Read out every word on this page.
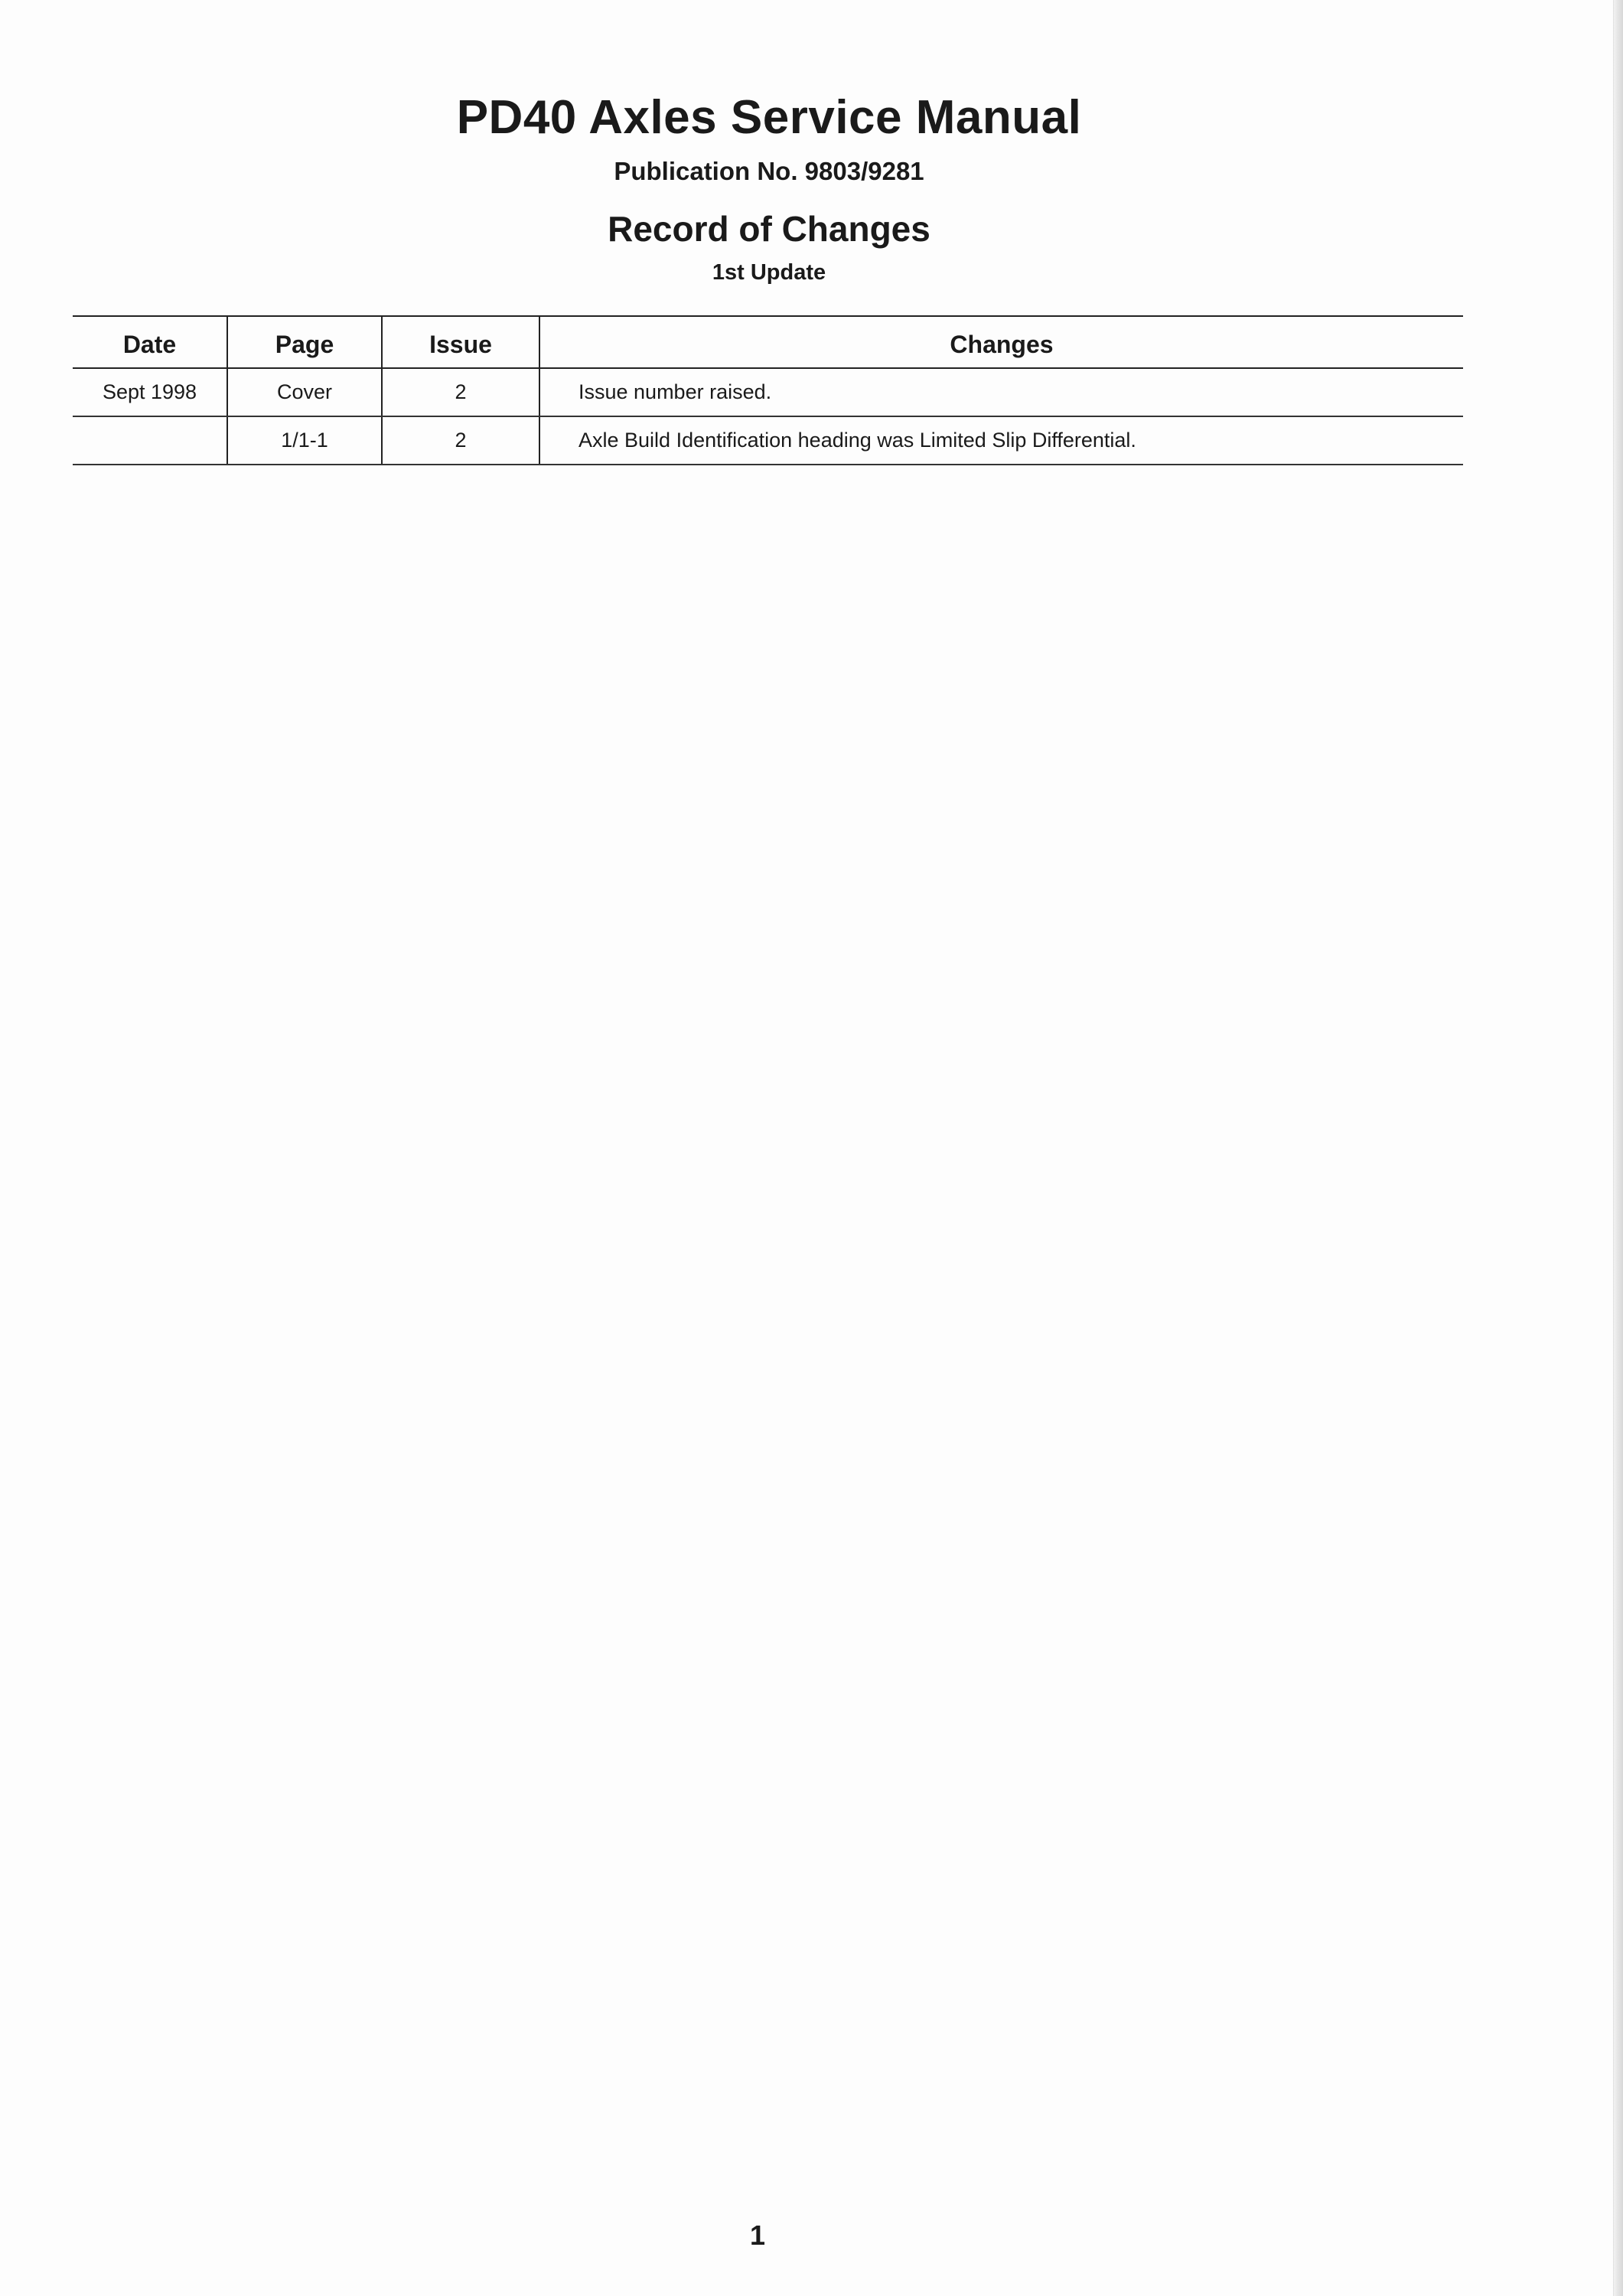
PD40 Axles Service Manual
Publication No. 9803/9281
Record of Changes
1st Update
Date	Page	Issue	Changes
Sept 1998	Cover	2	Issue number raised.
	1/1-1	2	Axle Build Identification heading was Limited Slip Differential.
1
